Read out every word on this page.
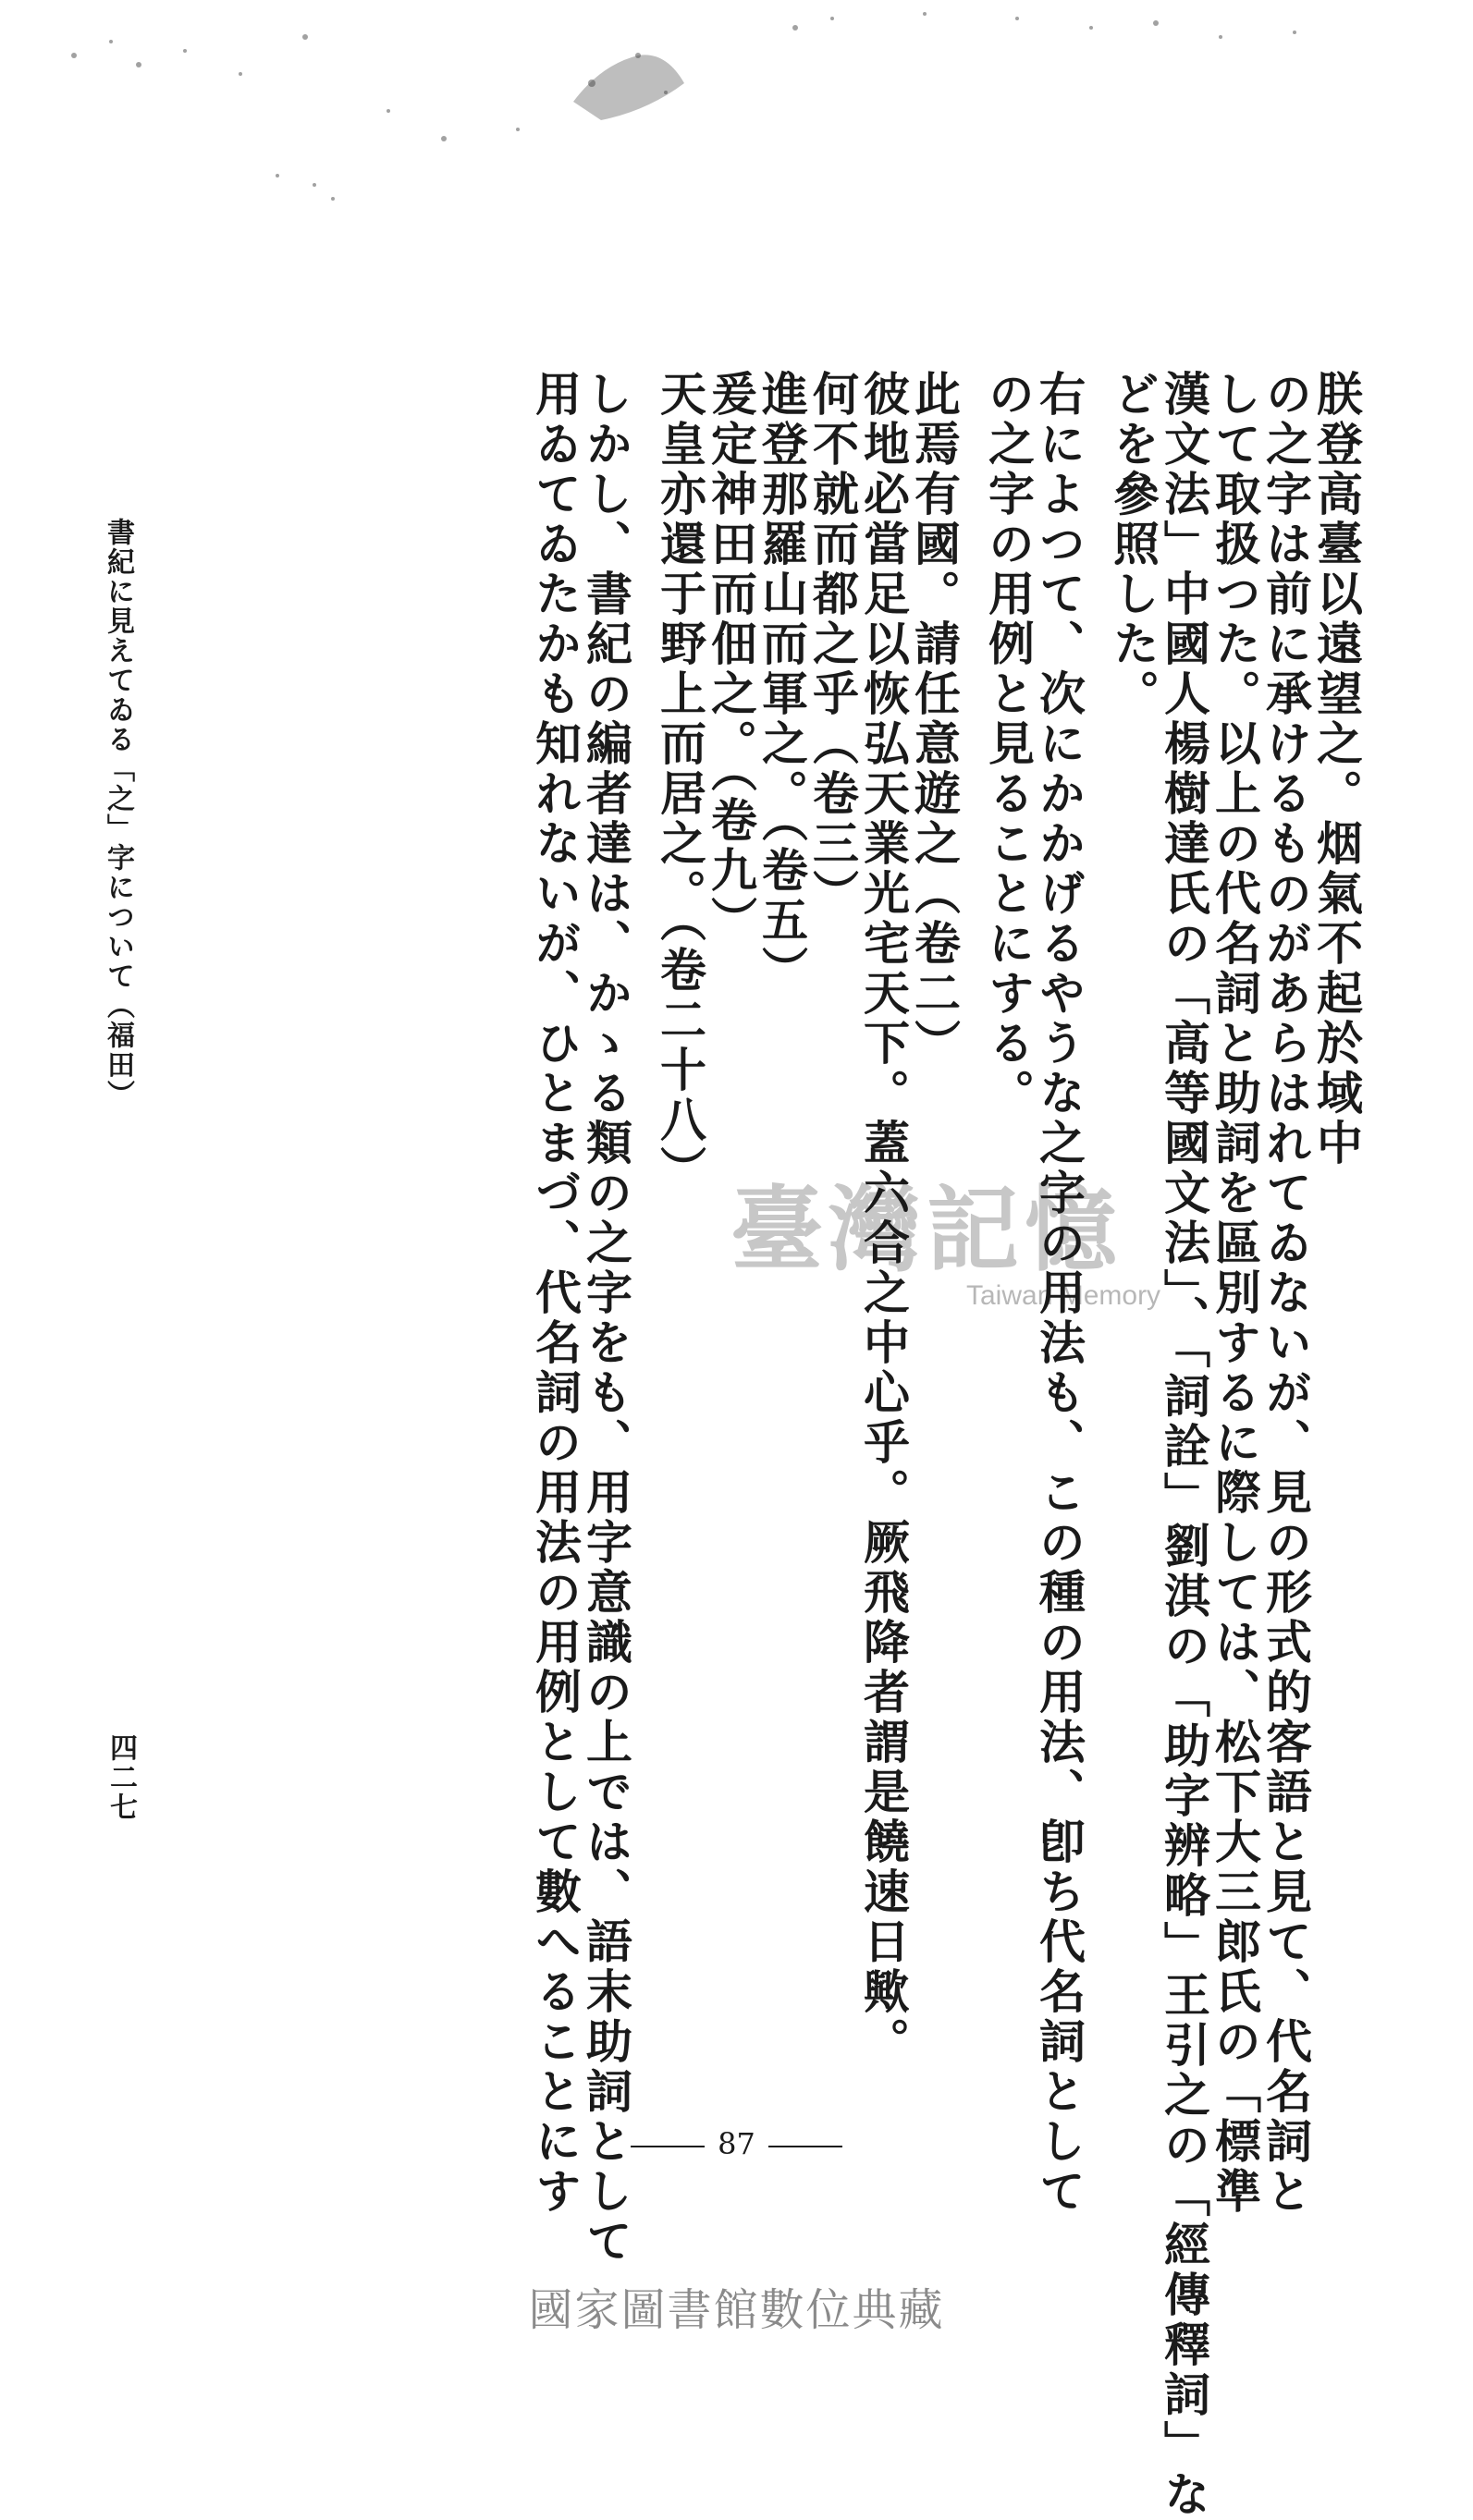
臺灣記憶
Taiwan Memory
朕登高臺以遠望之。烟氣不起於域中
の之字は前に承けるものがあらはれてゐないが、見の形式的客語と見て、代名詞と
して取扱つた。以上の代名詞と助詞を區別するに際しては、松下大三郎氏の「標準
漢文法」中國人楊樹達氏の「高等國文法」、「詞詮」劉淇の「助字辨略」王引之の「經傳釋詞」な
どを參照した。
右によつて、次にかかげるやうな之字の用法も、この種の用法、卽ち代名詞として
の之字の用例と見ることにする。
此焉有國。請任意遊之（卷二）
彼地必當足以恢弘天業光宅天下。蓋六合之中心乎。厥飛降者謂是饒速日歟。
何不就而都之乎（卷三）
進登那羅山而軍之。（卷五）
爰定神田而佃之。（卷九）
天皇亦還于野上而居之。（卷二十八）
しかし、書紀の編者達は、かゝる類の之字をも、用字意識の上では、語末助詞として
用ゐてゐたかも知れないが、ひとまづ、代名詞の用法の用例として數へることにす
書紀に見えてゐる「之」字について（福田）
四二七
87
國家圖書館數位典藏
